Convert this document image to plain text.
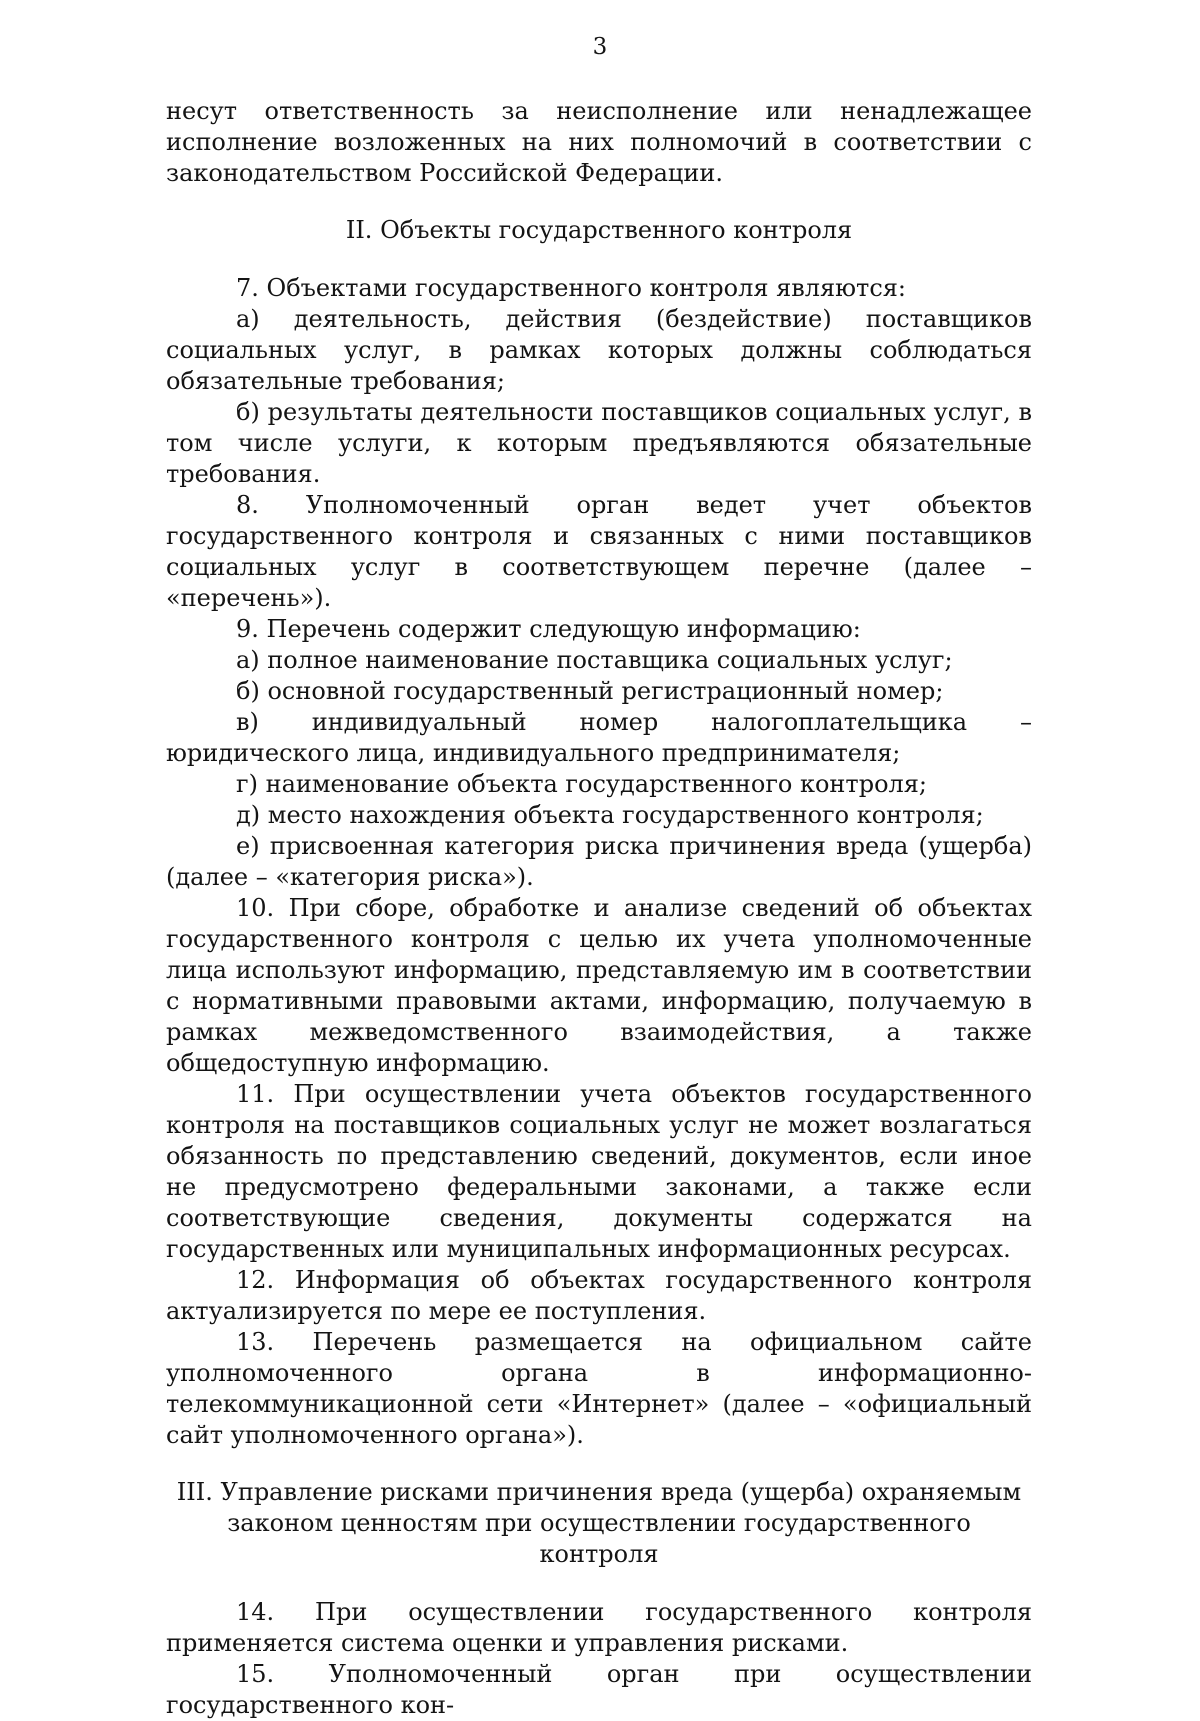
3

несут ответственность за неисполнение или ненадлежащее исполнение возложенных на них полномочий в соответствии с законодательством Российской Федерации.

II. Объекты государственного контроля

7. Объектами государственного контроля являются:

а) деятельность, действия (бездействие) поставщиков социальных услуг, в рамках которых должны соблюдаться обязательные требования;

б) результаты деятельности поставщиков социальных услуг, в том числе услуги, к которым предъявляются обязательные требования.

8. Уполномоченный орган ведет учет объектов государственного контроля и связанных с ними поставщиков социальных услуг в соответствующем перечне (далее – «перечень»).

9. Перечень содержит следующую информацию:

а) полное наименование поставщика социальных услуг;

б) основной государственный регистрационный номер;

в) индивидуальный номер налогоплательщика – юридического лица, индивидуального предпринимателя;

г) наименование объекта государственного контроля;

д) место нахождения объекта государственного контроля;

е) присвоенная категория риска причинения вреда (ущерба) (далее – «категория риска»).

10. При сборе, обработке и анализе сведений об объектах государственного контроля с целью их учета уполномоченные лица используют информацию, представляемую им в соответствии с нормативными правовыми актами, информацию, получаемую в рамках межведомственного взаимодействия, а также общедоступную информацию.

11. При осуществлении учета объектов государственного контроля на поставщиков социальных услуг не может возлагаться обязанность по представлению сведений, документов, если иное не предусмотрено федеральными законами, а также если соответствующие сведения, документы содержатся на государственных или муниципальных информационных ресурсах.

12. Информация об объектах государственного контроля актуализируется по мере ее поступления.

13. Перечень размещается на официальном сайте уполномоченного органа в информационно-телекоммуникационной сети «Интернет» (далее – «официальный сайт уполномоченного органа»).

III. Управление рисками причинения вреда (ущерба) охраняемым
законом ценностям при осуществлении государственного контроля

14. При осуществлении государственного контроля применяется система оценки и управления рисками.

15. Уполномоченный орган при осуществлении государственного кон-
